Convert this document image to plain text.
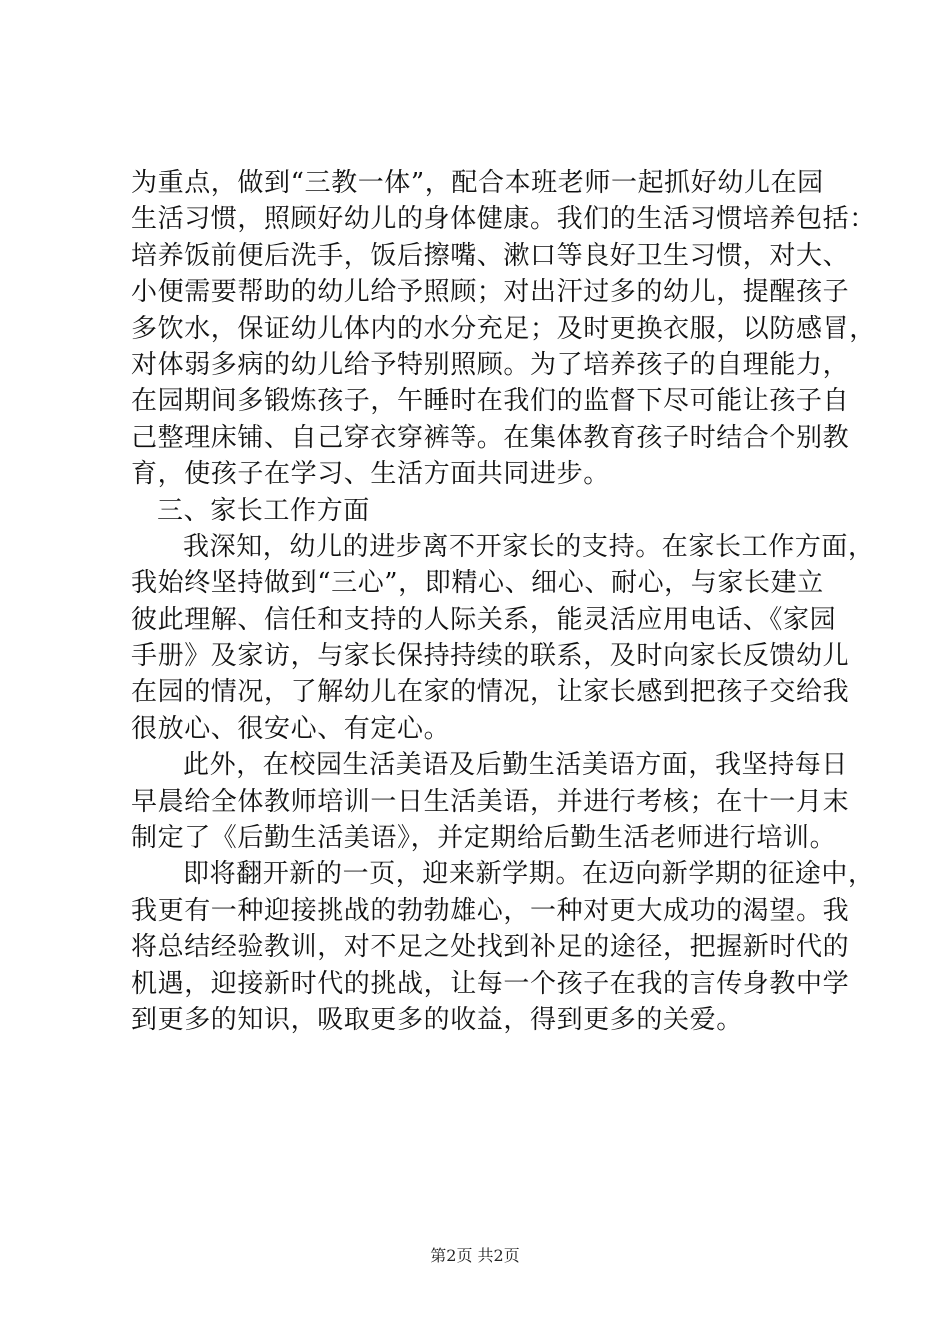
为重点，做到“三教一体”，配合本班老师一起抓好幼儿在园
生活习惯，照顾好幼儿的身体健康。我们的生活习惯培养包括：
培养饭前便后洗手，饭后擦嘴、漱口等良好卫生习惯，对大、
小便需要帮助的幼儿给予照顾；对出汗过多的幼儿，提醒孩子
多饮水，保证幼儿体内的水分充足；及时更换衣服，以防感冒，
对体弱多病的幼儿给予特别照顾。为了培养孩子的自理能力，
在园期间多锻炼孩子，午睡时在我们的监督下尽可能让孩子自
己整理床铺、自己穿衣穿裤等。在集体教育孩子时结合个别教
育，使孩子在学习、生活方面共同进步。
三、家长工作方面
我深知，幼儿的进步离不开家长的支持。在家长工作方面，
我始终坚持做到“三心”，即精心、细心、耐心，与家长建立
彼此理解、信任和支持的人际关系，能灵活应用电话、《家园
手册》及家访，与家长保持持续的联系，及时向家长反馈幼儿
在园的情况，了解幼儿在家的情况，让家长感到把孩子交给我
很放心、很安心、有定心。
此外，在校园生活美语及后勤生活美语方面，我坚持每日
早晨给全体教师培训一日生活美语，并进行考核；在十一月末
制定了《后勤生活美语》，并定期给后勤生活老师进行培训。
即将翻开新的一页，迎来新学期。在迈向新学期的征途中，
我更有一种迎接挑战的勃勃雄心，一种对更大成功的渴望。我
将总结经验教训，对不足之处找到补足的途径，把握新时代的
机遇，迎接新时代的挑战，让每一个孩子在我的言传身教中学
到更多的知识，吸取更多的收益，得到更多的关爱。
第2页 共2页
